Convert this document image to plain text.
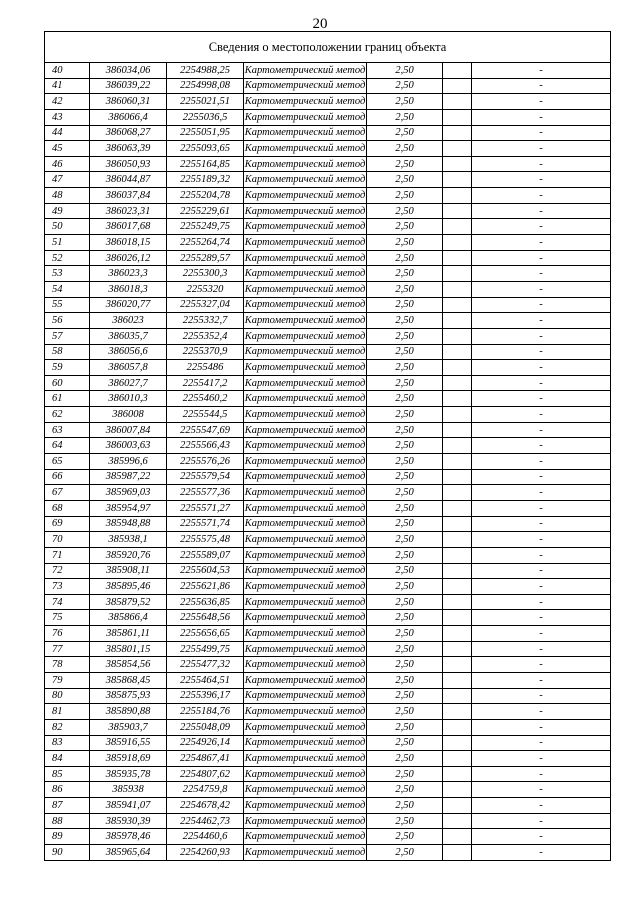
20
Сведения о местоположении границ объекта						
40	386034,06	2254988,25	Картометрический метод	2,50		-
41	386039,22	2254998,08	Картометрический метод	2,50		-
42	386060,31	2255021,51	Картометрический метод	2,50		-
43	386066,4	2255036,5	Картометрический метод	2,50		-
44	386068,27	2255051,95	Картометрический метод	2,50		-
45	386063,39	2255093,65	Картометрический метод	2,50		-
46	386050,93	2255164,85	Картометрический метод	2,50		-
47	386044,87	2255189,32	Картометрический метод	2,50		-
48	386037,84	2255204,78	Картометрический метод	2,50		-
49	386023,31	2255229,61	Картометрический метод	2,50		-
50	386017,68	2255249,75	Картометрический метод	2,50		-
51	386018,15	2255264,74	Картометрический метод	2,50		-
52	386026,12	2255289,57	Картометрический метод	2,50		-
53	386023,3	2255300,3	Картометрический метод	2,50		-
54	386018,3	2255320	Картометрический метод	2,50		-
55	386020,77	2255327,04	Картометрический метод	2,50		-
56	386023	2255332,7	Картометрический метод	2,50		-
57	386035,7	2255352,4	Картометрический метод	2,50		-
58	386056,6	2255370,9	Картометрический метод	2,50		-
59	386057,8	2255486	Картометрический метод	2,50		-
60	386027,7	2255417,2	Картометрический метод	2,50		-
61	386010,3	2255460,2	Картометрический метод	2,50		-
62	386008	2255544,5	Картометрический метод	2,50		-
63	386007,84	2255547,69	Картометрический метод	2,50		-
64	386003,63	2255566,43	Картометрический метод	2,50		-
65	385996,6	2255576,26	Картометрический метод	2,50		-
66	385987,22	2255579,54	Картометрический метод	2,50		-
67	385969,03	2255577,36	Картометрический метод	2,50		-
68	385954,97	2255571,27	Картометрический метод	2,50		-
69	385948,88	2255571,74	Картометрический метод	2,50		-
70	385938,1	2255575,48	Картометрический метод	2,50		-
71	385920,76	2255589,07	Картометрический метод	2,50		-
72	385908,11	2255604,53	Картометрический метод	2,50		-
73	385895,46	2255621,86	Картометрический метод	2,50		-
74	385879,52	2255636,85	Картометрический метод	2,50		-
75	385866,4	2255648,56	Картометрический метод	2,50		-
76	385861,11	2255656,65	Картометрический метод	2,50		-
77	385801,15	2255499,75	Картометрический метод	2,50		-
78	385854,56	2255477,32	Картометрический метод	2,50		-
79	385868,45	2255464,51	Картометрический метод	2,50		-
80	385875,93	2255396,17	Картометрический метод	2,50		-
81	385890,88	2255184,76	Картометрический метод	2,50		-
82	385903,7	2255048,09	Картометрический метод	2,50		-
83	385916,55	2254926,14	Картометрический метод	2,50		-
84	385918,69	2254867,41	Картометрический метод	2,50		-
85	385935,78	2254807,62	Картометрический метод	2,50		-
86	385938	2254759,8	Картометрический метод	2,50		-
87	385941,07	2254678,42	Картометрический метод	2,50		-
88	385930,39	2254462,73	Картометрический метод	2,50		-
89	385978,46	2254460,6	Картометрический метод	2,50		-
90	385965,64	2254260,93	Картометрический метод	2,50		-
